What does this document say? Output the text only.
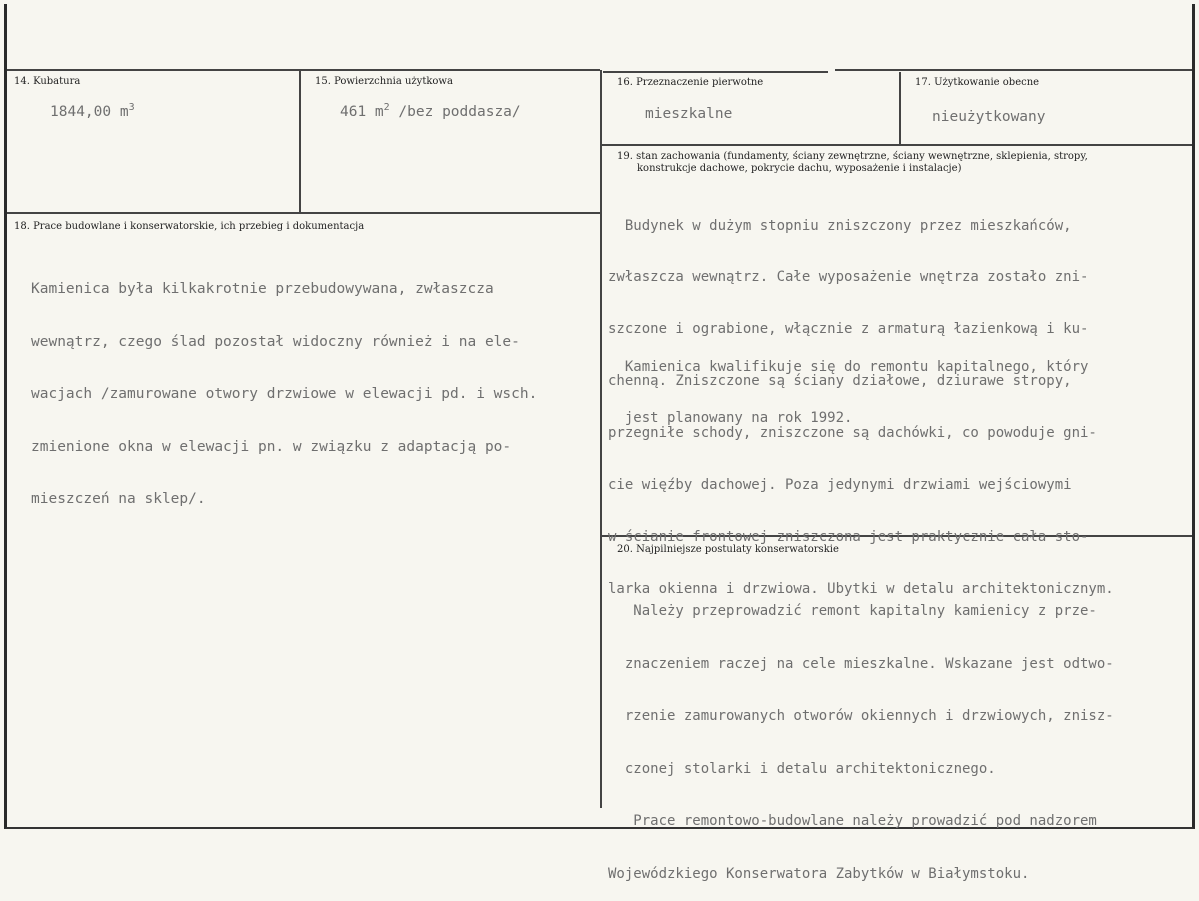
14. Kubatura
1844,00 $m^3$
15. Powierzchnia użytkowa
461 $m^2$ /bez poddasza/
16. Przeznaczenie pierwotne
mieszkalne
17. Użytkowanie obecne
nieużytkowany
18. Prace budowlane i konserwatorskie, ich przebieg i dokumentacja

Kamienica była kilkakrotnie przebudowywana, zwłaszcza

wewnątrz, czego ślad pozostał widoczny również i na ele-

wacjach /zamurowane otwory drzwiowe w elewacji pd. i wsch.

zmienione okna w elewacji pn. w związku z adaptacją po-

mieszczeń na sklep/.

19. stan zachowania (fundamenty, ściany zewnętrzne, ściany wewnętrzne, sklepienia, stropy,
konstrukcje dachowe, pokrycie dachu, wyposażenie i instalacje)

Budynek w dużym stopniu zniszczony przez mieszkańców,

zwłaszcza wewnątrz. Całe wyposażenie wnętrza zostało zni-

szczone i ograbione, włącznie z armaturą łazienkową i ku-

chenną. Zniszczone są ściany działowe, dziurawe stropy,

przegniłe schody, zniszczone są dachówki, co powoduje gni-

cie więźby dachowej. Poza jedynymi drzwiami wejściowymi

w ścianie frontowej zniszczona jest praktycznie cała sto-

larka okienna i drzwiowa. Ubytki w detalu architektonicznym.

Kamienica kwalifikuje się do remontu kapitalnego, który

jest planowany na rok 1992.

20. Najpilniejsze postulaty konserwatorskie

Należy przeprowadzić remont kapitalny kamienicy z prze-

znaczeniem raczej na cele mieszkalne. Wskazane jest odtwo-

rzenie zamurowanych otworów okiennych i drzwiowych, znisz-

czonej stolarki i detalu architektonicznego.

Prace remontowo-budowlane należy prowadzić pod nadzorem

Wojewódzkiego Konserwatora Zabytków w Białymstoku.
